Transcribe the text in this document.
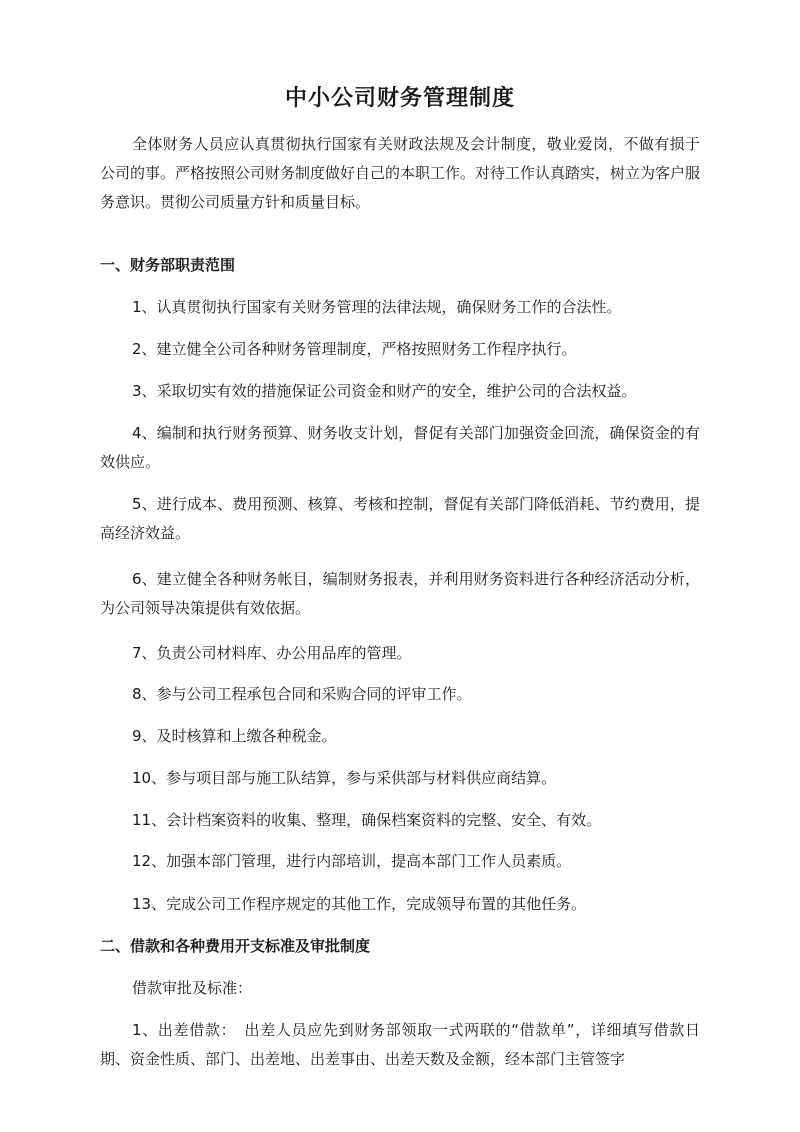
中小公司财务管理制度

全体财务人员应认真贯彻执行国家有关财政法规及会计制度，敬业爱岗，不做有损于公司的事。严格按照公司财务制度做好自己的本职工作。对待工作认真踏实，树立为客户服务意识。贯彻公司质量方针和质量目标。

一、财务部职责范围

1、认真贯彻执行国家有关财务管理的法律法规，确保财务工作的合法性。

2、建立健全公司各种财务管理制度，严格按照财务工作程序执行。

3、采取切实有效的措施保证公司资金和财产的安全，维护公司的合法权益。

4、编制和执行财务预算、财务收支计划，督促有关部门加强资金回流，确保资金的有效供应。

5、进行成本、费用预测、核算、考核和控制，督促有关部门降低消耗、节约费用，提高经济效益。

6、建立健全各种财务帐目，编制财务报表，并利用财务资料进行各种经济活动分析，为公司领导决策提供有效依据。

7、负责公司材料库、办公用品库的管理。

8、参与公司工程承包合同和采购合同的评审工作。

9、及时核算和上缴各种税金。

10、参与项目部与施工队结算，参与采供部与材料供应商结算。

11、会计档案资料的收集、整理，确保档案资料的完整、安全、有效。

12、加强本部门管理，进行内部培训，提高本部门工作人员素质。

13、完成公司工作程序规定的其他工作，完成领导布置的其他任务。

二、借款和各种费用开支标准及审批制度

借款审批及标准：

1、出差借款：　出差人员应先到财务部领取一式两联的“借款单”，详细填写借款日期、资金性质、部门、出差地、出差事由、出差天数及金额，经本部门主管签字
